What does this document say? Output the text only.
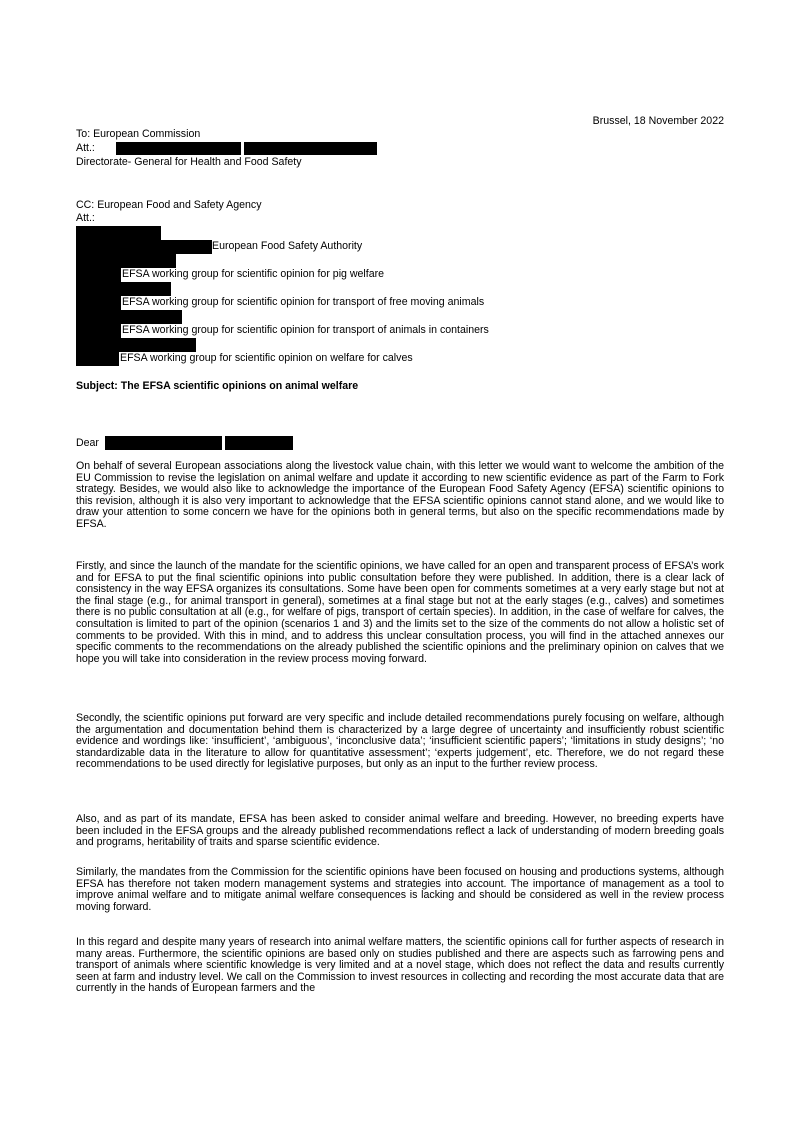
Brussel, 18 November 2022
To: European Commission
Att.:
Directorate- General for Health and Food Safety
CC: European Food and Safety Agency
Att.:
European Food Safety Authority
EFSA working group for scientific opinion for pig welfare
EFSA working group for scientific opinion for transport of free moving animals
EFSA working group for scientific opinion for transport of animals in containers
EFSA working group for scientific opinion on welfare for calves
Subject: The EFSA scientific opinions on animal welfare
Dear
On behalf of several European associations along the livestock value chain, with this letter we would want to welcome the ambition of the EU Commission to revise the legislation on animal welfare and update it according to new scientific evidence as part of the Farm to Fork strategy. Besides, we would also like to acknowledge the importance of the European Food Safety Agency (EFSA) scientific opinions to this revision, although it is also very important to acknowledge that the EFSA scientific opinions cannot stand alone, and we would like to draw your attention to some concern we have for the opinions both in general terms, but also on the specific recommendations made by EFSA.
Firstly, and since the launch of the mandate for the scientific opinions, we have called for an open and transparent process of EFSA’s work and for EFSA to put the final scientific opinions into public consultation before they were published. In addition, there is a clear lack of consistency in the way EFSA organizes its consultations. Some have been open for comments sometimes at a very early stage but not at the final stage (e.g., for animal transport in general), sometimes at a final stage but not at the early stages (e.g., calves) and sometimes there is no public consultation at all (e.g., for welfare of pigs, transport of certain species). In addition, in the case of welfare for calves, the consultation is limited to part of the opinion (scenarios 1 and 3) and the limits set to the size of the comments do not allow a holistic set of comments to be provided. With this in mind, and to address this unclear consultation process, you will find in the attached annexes our specific comments to the recommendations on the already published the scientific opinions and the preliminary opinion on calves that we hope you will take into consideration in the review process moving forward.
Secondly, the scientific opinions put forward are very specific and include detailed recommendations purely focusing on welfare, although the argumentation and documentation behind them is characterized by a large degree of uncertainty and insufficiently robust scientific evidence and wordings like: ‘insufficient’, ‘ambiguous’, ‘inconclusive data’; ‘insufficient scientific papers’; ‘limitations in study designs’; ‘no standardizable data in the literature to allow for quantitative assessment’; ‘experts judgement’, etc. Therefore, we do not regard these recommendations to be used directly for legislative purposes, but only as an input to the further review process.
Also, and as part of its mandate, EFSA has been asked to consider animal welfare and breeding. However, no breeding experts have been included in the EFSA groups and the already published recommendations reflect a lack of understanding of modern breeding goals and programs, heritability of traits and sparse scientific evidence.
Similarly, the mandates from the Commission for the scientific opinions have been focused on housing and productions systems, although EFSA has therefore not taken modern management systems and strategies into account. The importance of management as a tool to improve animal welfare and to mitigate animal welfare consequences is lacking and should be considered as well in the review process moving forward.
In this regard and despite many years of research into animal welfare matters, the scientific opinions call for further aspects of research in many areas. Furthermore, the scientific opinions are based only on studies published and there are aspects such as farrowing pens and transport of animals where scientific knowledge is very limited and at a novel stage, which does not reflect the data and results currently seen at farm and industry level. We call on the Commission to invest resources in collecting and recording the most accurate data that are currently in the hands of European farmers and the
